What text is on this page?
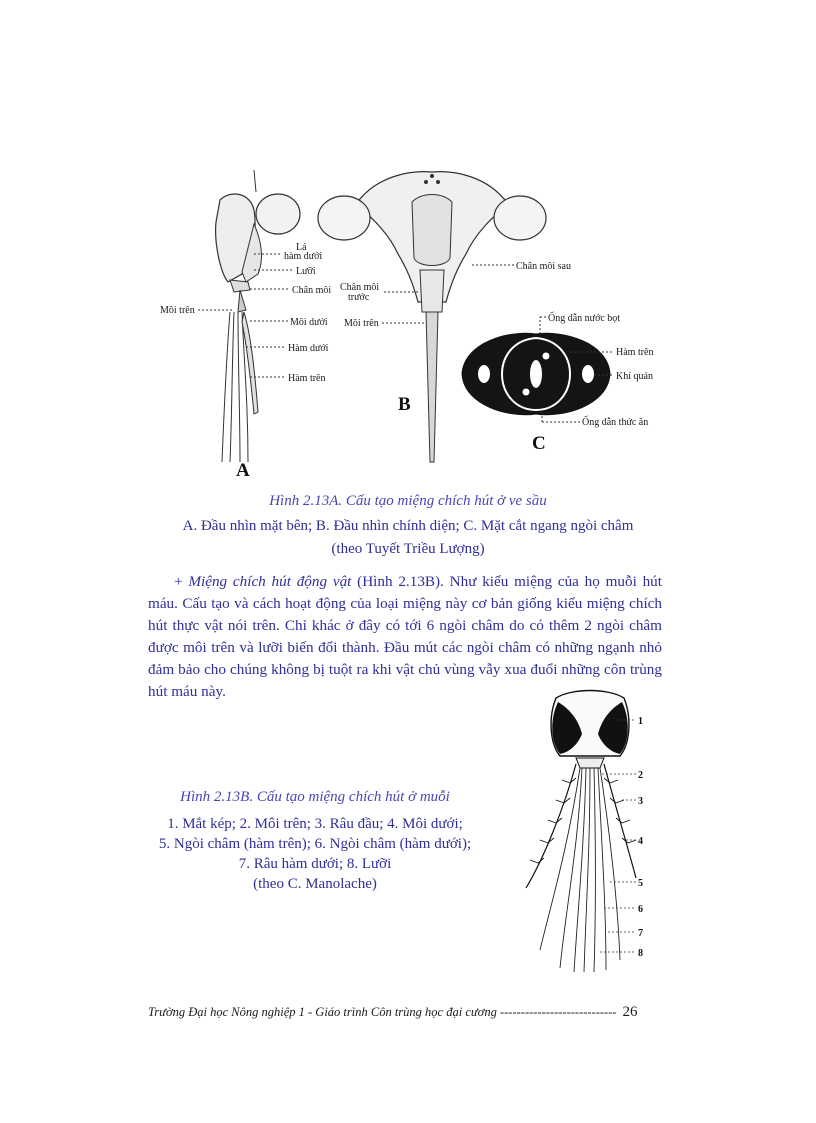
Lá
hàm dưới
Lưỡi
Chân môi
Môi trên
Môi dưới
Hàm dưới
Hàm trên
A
Chân môi sau
Chân môi
trước
Môi trên
B
Ống dẫn nước bọt
Hàm trên
Khí quản
Ống dẫn thức ăn
C
Hình 2.13A. Cấu tạo miệng chích hút ở ve sầu
A. Đầu nhìn mặt bên; B. Đầu nhìn chính diện; C. Mặt cắt ngang ngòi châm
(theo Tuyết Triều Lượng)

+ Miệng chích hút động vật (Hình 2.13B). Như kiểu miệng của họ muỗi hút máu. Cấu tạo và cách hoạt động của loại miệng này cơ bản giống kiểu miệng chích hút thực vật nói trên. Chỉ khác ở đây có tới 6 ngòi châm do có thêm 2 ngòi châm được môi trên và lưỡi biến đổi thành. Đầu mút các ngòi châm có những ngạnh nhỏ đảm bảo cho chúng không bị tuột ra khi vật chủ vùng vẫy xua đuổi những côn trùng hút máu này.

Hình 2.13B. Cấu tạo miệng chích hút ở muỗi
1. Mắt kép; 2. Môi trên; 3. Râu đầu; 4. Môi dưới;
5. Ngòi châm (hàm trên); 6. Ngòi châm (hàm dưới);
7. Râu hàm dưới; 8. Lưỡi
(theo C. Manolache)
1
2
3
4
5
6
7
8
Trường Đại học Nông nghiệp 1 - Giáo trình Côn trùng học đại cương ---------------------------- 26
